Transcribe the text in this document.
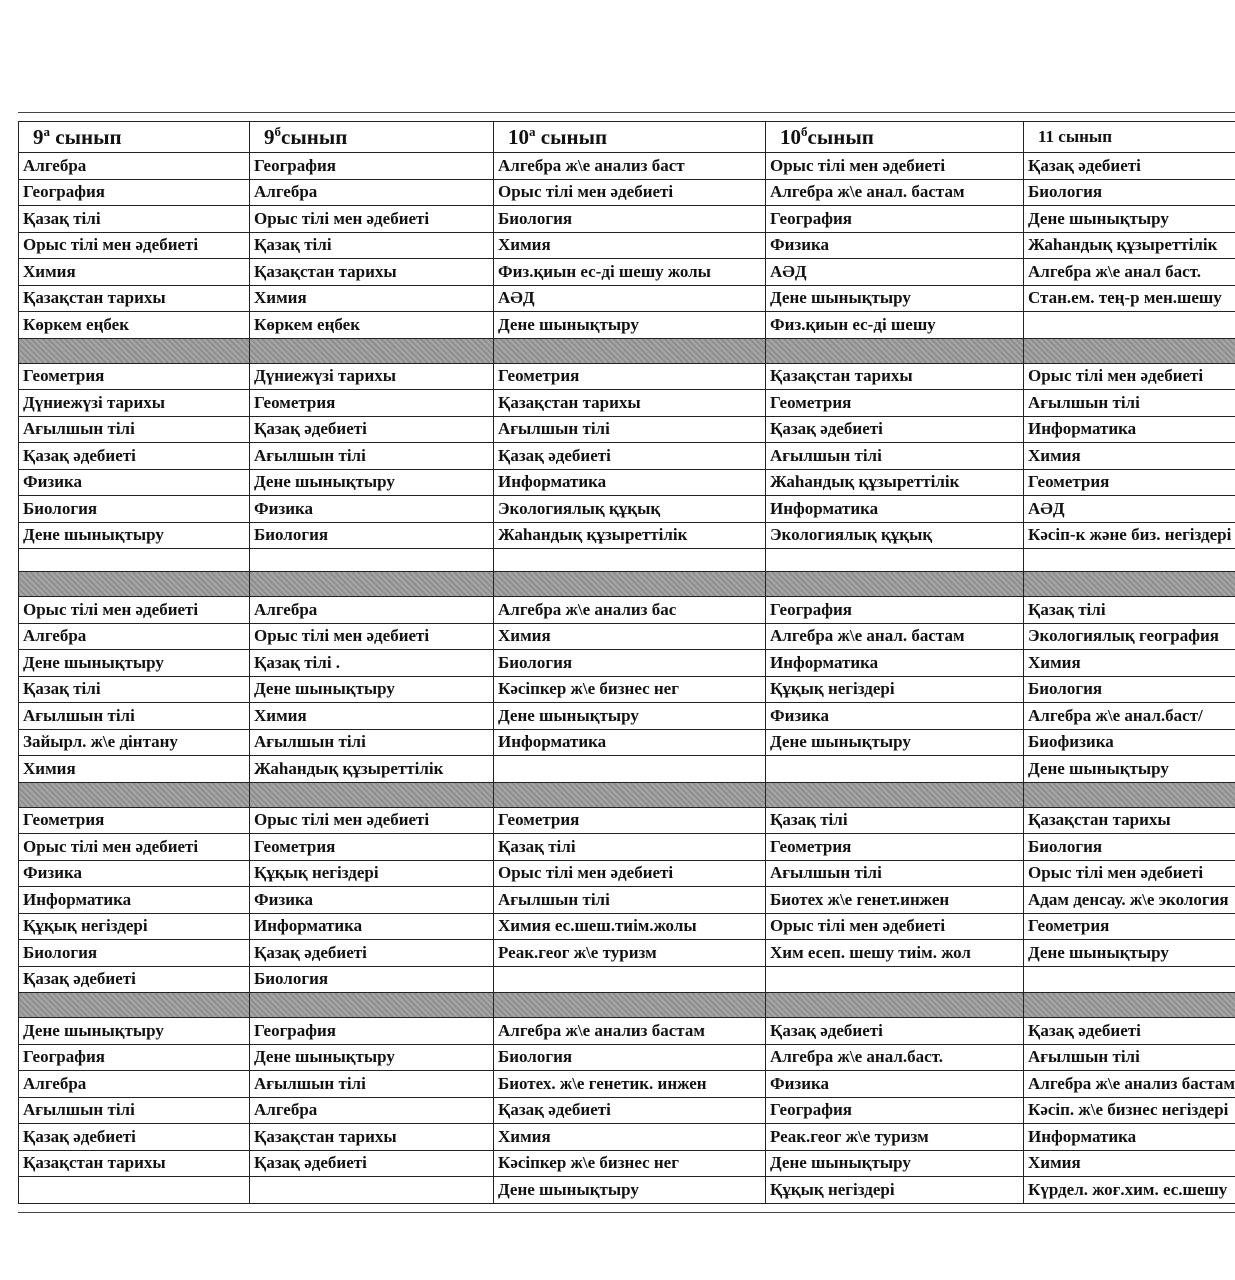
$9^а$ сынып	$9^бсынып$	$10^а$ сынып	$10^бсынып$	11 сынып
Алгебра	География	Алгебра ж\е анализ баст	Орыс тілі мен әдебиеті	Қазақ әдебиеті
География	Алгебра	Орыс тілі мен әдебиеті	Алгебра ж\е анал. бастам	Биология
Қазақ тілі	Орыс тілі мен әдебиеті	Биология	География	Дене шынықтыру
Орыс тілі мен әдебиеті	Қазақ тілі	Химия	Физика	Жаһандық құзыреттілік
Химия	Қазақстан тарихы	Физ.қиын ес-ді шешу жолы	АӘД	Алгебра ж\е анал баст.
Қазақстан тарихы	Химия	АӘД	Дене шынықтыру	Стан.ем. тең-р мен.шешу
Көркем еңбек	Көркем еңбек	Дене шынықтыру	Физ.қиын ес-ді шешу	

Геометрия	Дүниежүзі тарихы	Геометрия	Қазақстан тарихы	Орыс тілі мен әдебиеті
Дүниежүзі тарихы	Геометрия	Қазақстан тарихы	Геометрия	Ағылшын тілі
Ағылшын тілі	Қазақ әдебиеті	Ағылшын тілі	Қазақ әдебиеті	Информатика
Қазақ әдебиеті	Ағылшын тілі	Қазақ әдебиеті	Ағылшын тілі	Химия
Физика	Дене шынықтыру	Информатика	Жаһандық құзыреттілік	Геометрия
Биология	Физика	Экологиялық құқық	Информатика	АӘД
Дене шынықтыру	Биология	Жаһандық құзыреттілік	Экологиялық құқық	Кәсіп-к және биз. негіздері

Орыс тілі мен әдебиеті	Алгебра	Алгебра ж\е анализ бас	География	Қазақ тілі
Алгебра	Орыс тілі мен әдебиеті	Химия	Алгебра ж\е анал. бастам	Экологиялық география
Дене шынықтыру	Қазақ тілі .	Биология	Информатика	Химия
Қазақ тілі	Дене шынықтыру	Кәсіпкер ж\е бизнес нег	Құқық негіздері	Биология
Ағылшын тілі	Химия	Дене шынықтыру	Физика	Алгебра ж\е анал.баст/
Зайырл. ж\е дінтану	Ағылшын тілі	Информатика	Дене шынықтыру	Биофизика
Химия	Жаһандық құзыреттілік			Дене шынықтыру

Геометрия	Орыс тілі мен әдебиеті	Геометрия	Қазақ тілі	Қазақстан тарихы
Орыс тілі мен әдебиеті	Геометрия	Қазақ тілі	Геометрия	Биология
Физика	Құқық негіздері	Орыс тілі мен әдебиеті	Ағылшын тілі	Орыс тілі мен әдебиеті
Информатика	Физика	Ағылшын тілі	Биотех ж\е генет.инжен	Адам денсау. ж\е экология
Құқық негіздері	Информатика	Химия ес.шеш.тиім.жолы	Орыс тілі мен әдебиеті	Геометрия
Биология	Қазақ әдебиеті	Реак.геог ж\е туризм	Хим есеп. шешу тиім. жол	Дене шынықтыру
Қазақ әдебиеті	Биология			

Дене шынықтыру	География	Алгебра ж\е анализ бастам	Қазақ әдебиеті	Қазақ әдебиеті
География	Дене шынықтыру	Биология	Алгебра ж\е анал.баст.	Ағылшын тілі
Алгебра	Ағылшын тілі	Биотех. ж\е генетик. инжен	Физика	Алгебра ж\е анализ бастам
Ағылшын тілі	Алгебра	Қазақ әдебиеті	География	Кәсіп. ж\е бизнес негіздері
Қазақ әдебиеті	Қазақстан тарихы	Химия	Реак.геог ж\е туризм	Информатика
Қазақстан тарихы	Қазақ әдебиеті	Кәсіпкер ж\е бизнес нег	Дене шынықтыру	Химия
		Дене шынықтыру	Құқық негіздері	Күрдел. жоғ.хим. ес.шешу
